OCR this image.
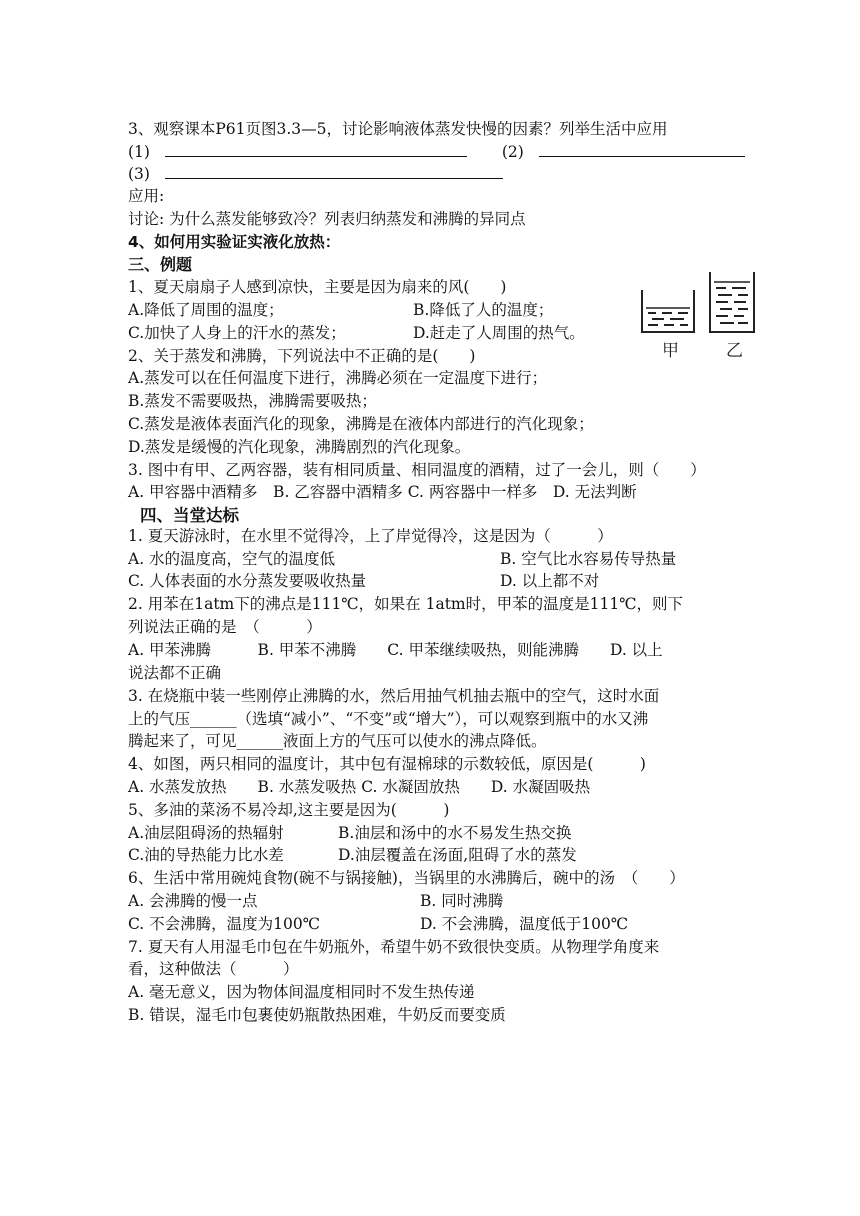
3、观察课本P61页图3.3—5，讨论影响液体蒸发快慢的因素？列举生活中应用
(1)	(2)
(3)
应用:
讨论: 为什么蒸发能够致冷？列表归纳蒸发和沸腾的异同点
4、如何用实验证实液化放热：
三、例题
1、夏天扇扇子人感到凉快，主要是因为扇来的风(　　)
A.降低了周围的温度；	B.降低了人的温度；
C.加快了人身上的汗水的蒸发；	D.赶走了人周围的热气。
2、关于蒸发和沸腾，下列说法中不正确的是(　　)
A.蒸发可以在任何温度下进行，沸腾必须在一定温度下进行；
B.蒸发不需要吸热，沸腾需要吸热；
C.蒸发是液体表面汽化的现象，沸腾是在液体内部进行的汽化现象；
D.蒸发是缓慢的汽化现象，沸腾剧烈的汽化现象。
3. 图中有甲、乙两容器，装有相同质量、相同温度的酒精，过了一会儿，则（　　）
A. 甲容器中酒精多　B. 乙容器中酒精多 C. 两容器中一样多　D. 无法判断
甲	乙
四、当堂达标
1. 夏天游泳时，在水里不觉得冷，上了岸觉得冷，这是因为（　　　）
A. 水的温度高，空气的温度低	B. 空气比水容易传导热量
C. 人体表面的水分蒸发要吸收热量	D. 以上都不对
2. 用苯在1atm下的沸点是111℃，如果在 1atm时，甲苯的温度是111℃，则下
列说法正确的是　（　　　）
A. 甲苯沸腾　　　B. 甲苯不沸腾　　C. 甲苯继续吸热，则能沸腾　　D. 以上
说法都不正确
3. 在烧瓶中装一些刚停止沸腾的水，然后用抽气机抽去瓶中的空气，这时水面
上的气压______（选填“减小”、“不变”或“增大”），可以观察到瓶中的水又沸
腾起来了，可见______液面上方的气压可以使水的沸点降低。
4、如图，两只相同的温度计，其中包有湿棉球的示数较低，原因是(　　　)
A. 水蒸发放热　　B. 水蒸发吸热 C. 水凝固放热　　D. 水凝固吸热
5、多油的菜汤不易冷却,这主要是因为(　　　)
A.油层阻碍汤的热辐射	B.油层和汤中的水不易发生热交换
C.油的导热能力比水差	D.油层覆盖在汤面,阻碍了水的蒸发
6、生活中常用碗炖食物(碗不与锅接触)，当锅里的水沸腾后，碗中的汤　（　　）
A. 会沸腾的慢一点	B. 同时沸腾
C. 不会沸腾，温度为100℃	D. 不会沸腾，温度低于100℃
7. 夏天有人用湿毛巾包在牛奶瓶外，希望牛奶不致很快变质。从物理学角度来
看，这种做法（　　　）
A. 毫无意义，因为物体间温度相同时不发生热传递
B. 错误，湿毛巾包裹使奶瓶散热困难，牛奶反而要变质
